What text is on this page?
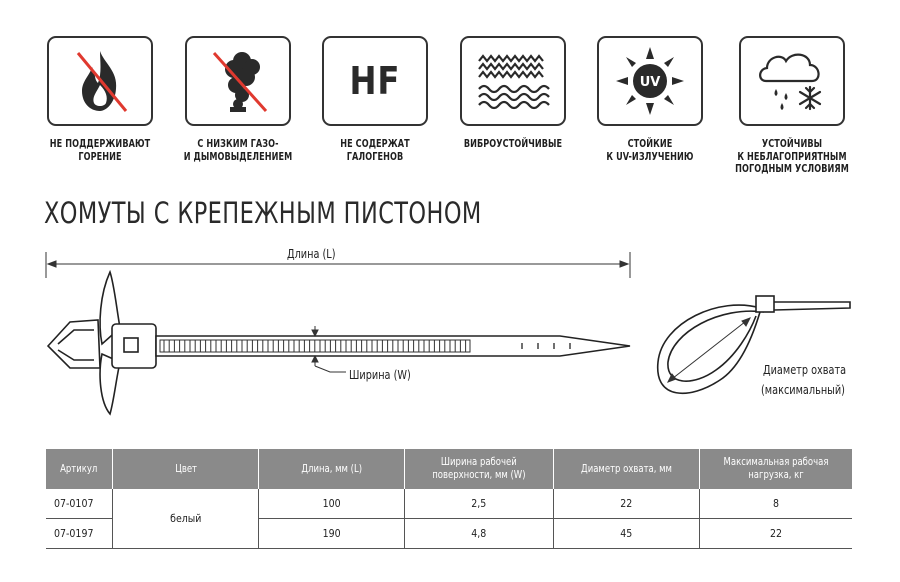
НЕ ПОДДЕРЖИВАЮТ
ГОРЕНИЕ
С НИЗКИМ ГАЗО-
И ДЫМОВЫДЕЛЕНИЕМ
HF
НЕ СОДЕРЖАТ
ГАЛОГЕНОВ
ВИБРОУСТОЙЧИВЫЕ
UV
СТОЙКИЕ
К UV-ИЗЛУЧЕНИЮ
УСТОЙЧИВЫ
К НЕБЛАГОПРИЯТНЫМ
ПОГОДНЫМ УСЛОВИЯМ
ХОМУТЫ С КРЕПЕЖНЫМ ПИСТОНОМ
Длина (L)
Ширина (W)	Диаметр охвата
(максимальный)
Артикул	Цвет	Длина, мм (L)	Ширина рабочей поверхности, мм (W)	Диаметр охвата, мм	Максимальная рабочая нагрузка, кг
07-0107	белый	100	2,5	22	8
07-0197		190	4,8	45	22
